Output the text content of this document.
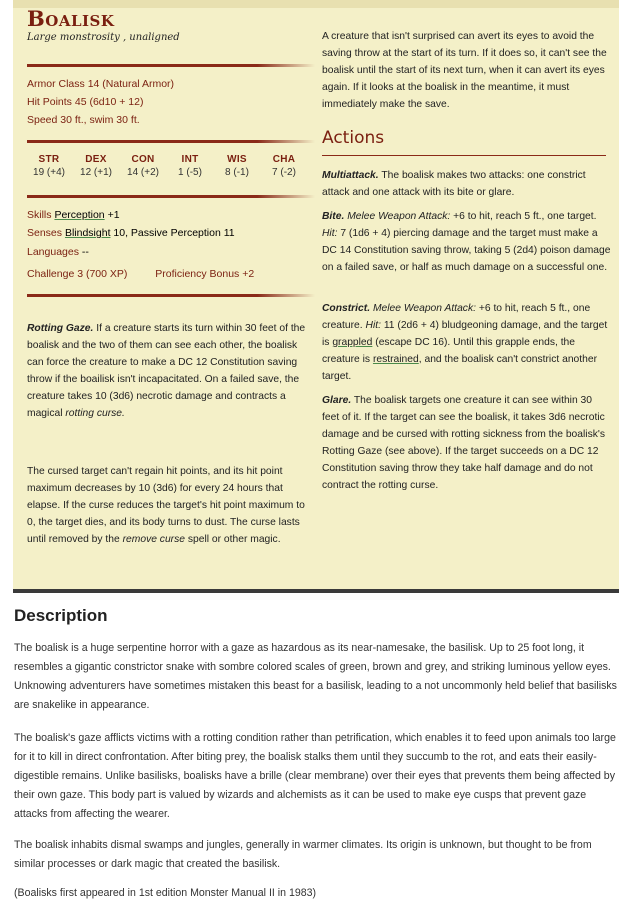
Boalisk
Large monstrosity , unaligned
Armor Class 14 (Natural Armor)
Hit Points 45 (6d10 + 12)
Speed 30 ft., swim 30 ft.
STR
19 (+4)
DEX
12 (+1)
CON
14 (+2)
INT
1 (-5)
WIS
8 (-1)
CHA
7 (-2)
Skills Perception +1
Senses Blindsight 10, Passive Perception 11
Languages --
Challenge 3 (700 XP)	Proficiency Bonus +2
Rotting Gaze. If a creature starts its turn within 30 feet of the boalisk and the two of them can see each other, the boalisk can force the creature to make a DC 12 Constitution saving throw if the boailisk isn't incapacitated. On a failed save, the creature takes 10 (3d6) necrotic damage and contracts a magical rotting curse.
The cursed target can't regain hit points, and its hit point maximum decreases by 10 (3d6) for every 24 hours that elapse. If the curse reduces the target's hit point maximum to 0, the target dies, and its body turns to dust. The curse lasts until removed by the remove curse spell or other magic.
A creature that isn't surprised can avert its eyes to avoid the saving throw at the start of its turn. If it does so, it can't see the boalisk until the start of its next turn, when it can avert its eyes again. If it looks at the boalisk in the meantime, it must immediately make the save.
Actions
Multiattack. The boalisk makes two attacks: one constrict attack and one attack with its bite or glare.
Bite. Melee Weapon Attack: +6 to hit, reach 5 ft., one target. Hit: 7 (1d6 + 4) piercing damage and the target must make a DC 14 Constitution saving throw, taking 5 (2d4) poison damage on a failed save, or half as much damage on a successful one.
Constrict. Melee Weapon Attack: +6 to hit, reach 5 ft., one creature. Hit: 11 (2d6 + 4) bludgeoning damage, and the target is grappled (escape DC 16). Until this grapple ends, the creature is restrained, and the boalisk can't constrict another target.
Glare. The boalisk targets one creature it can see within 30 feet of it. If the target can see the boalisk, it takes 3d6 necrotic damage and be cursed with rotting sickness from the boalisk's Rotting Gaze (see above). If the target succeeds on a DC 12 Constitution saving throw they take half damage and do not contract the rotting curse.
Description
The boalisk is a huge serpentine horror with a gaze as hazardous as its near-namesake, the basilisk. Up to 25 foot long, it resembles a gigantic constrictor snake with sombre colored scales of green, brown and grey, and striking luminous yellow eyes. Unknowing adventurers have sometimes mistaken this beast for a basilisk, leading to a not uncommonly held belief that basilisks are snakelike in appearance.
The boalisk's gaze afflicts victims with a rotting condition rather than petrification, which enables it to feed upon animals too large for it to kill in direct confrontation. After biting prey, the boalisk stalks them until they succumb to the rot, and eats their easily-digestible remains. Unlike basilisks, boalisks have a brille (clear membrane) over their eyes that prevents them being affected by their own gaze. This body part is valued by wizards and alchemists as it can be used to make eye cusps that prevent gaze attacks from affecting the wearer.
The boalisk inhabits dismal swamps and jungles, generally in warmer climates. Its origin is unknown, but thought to be from similar processes or dark magic that created the basilisk.
(Boalisks first appeared in 1st edition Monster Manual II in 1983)
